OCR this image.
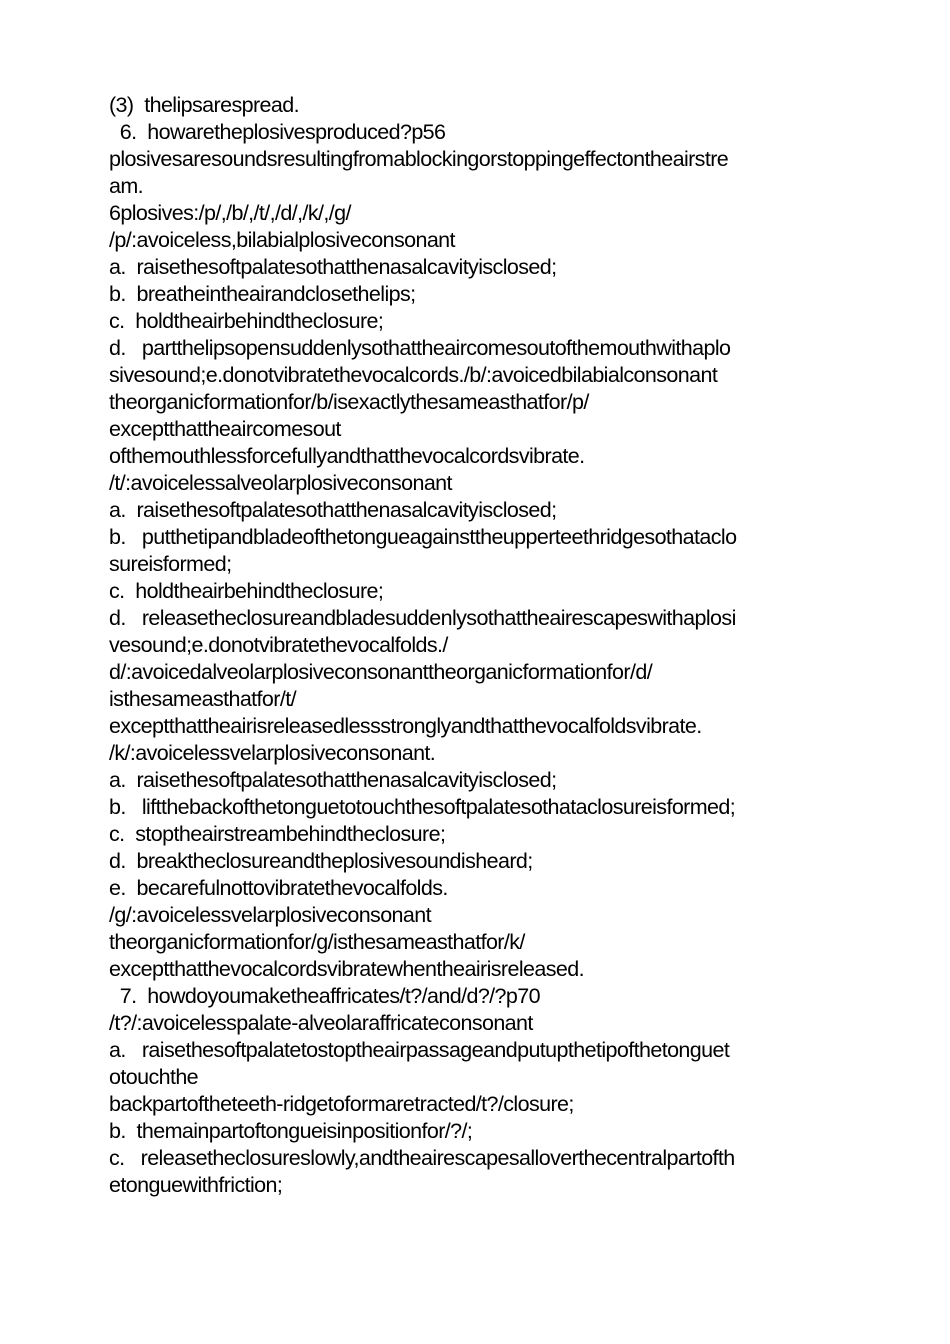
(3)  thelipsarespread.
6.  howaretheplosivesproduced?p56
plosivesaresoundsresultingfromablockingorstoppingeffectontheairstre
am.
6plosives:/p/,/b/,/t/,/d/,/k/,/g/
/p/:avoiceless,bilabialplosiveconsonant
a.  raisethesoftpalatesothatthenasalcavityisclosed;
b.  breatheintheairandclosethelips;
c.  holdtheairbehindtheclosure;
d.   partthelipsopensuddenlysothattheaircomesoutofthemouthwithaplo
sivesound;e.donotvibratethevocalcords./b/:avoicedbilabialconsonant
theorganicformationfor/b/isexactlythesameasthatfor/p/
exceptthattheaircomesout
ofthemouthlessforcefullyandthatthevocalcordsvibrate.
/t/:avoicelessalveolarplosiveconsonant
a.  raisethesoftpalatesothatthenasalcavityisclosed;
b.   putthetipandbladeofthetongueagainsttheupperteethridgesothataclo
sureisformed;
c.  holdtheairbehindtheclosure;
d.   releasetheclosureandbladesuddenlysothattheairescapeswithaplosi
vesound;e.donotvibratethevocalfolds./
d/:avoicedalveolarplosiveconsonanttheorganicformationfor/d/
isthesameasthatfor/t/
exceptthattheairisreleasedlessstronglyandthatthevocalfoldsvibrate.
/k/:avoicelessvelarplosiveconsonant.
a.  raisethesoftpalatesothatthenasalcavityisclosed;
b.   liftthebackofthetonguetotouchthesoftpalatesothataclosureisformed;
c.  stoptheairstreambehindtheclosure;
d.  breaktheclosureandtheplosivesoundisheard;
e.  becarefulnottovibratethevocalfolds.
/g/:avoicelessvelarplosiveconsonant
theorganicformationfor/g/isthesameasthatfor/k/
exceptthatthevocalcordsvibratewhentheairisreleased.
7.  howdoyoumaketheaffricates/t?/and/d?/?p70
/t?/:avoicelesspalate-alveolaraffricateconsonant
a.   raisethesoftpalatetostoptheairpassageandputupthetipofthetonguet
otouchthe
backpartoftheteeth-ridgetoformaretracted/t?/closure;
b.  themainpartoftongueisinpositionfor/?/;
c.   releasetheclosureslowly,andtheairescapesalloverthecentralpartofth
etonguewithfriction;
